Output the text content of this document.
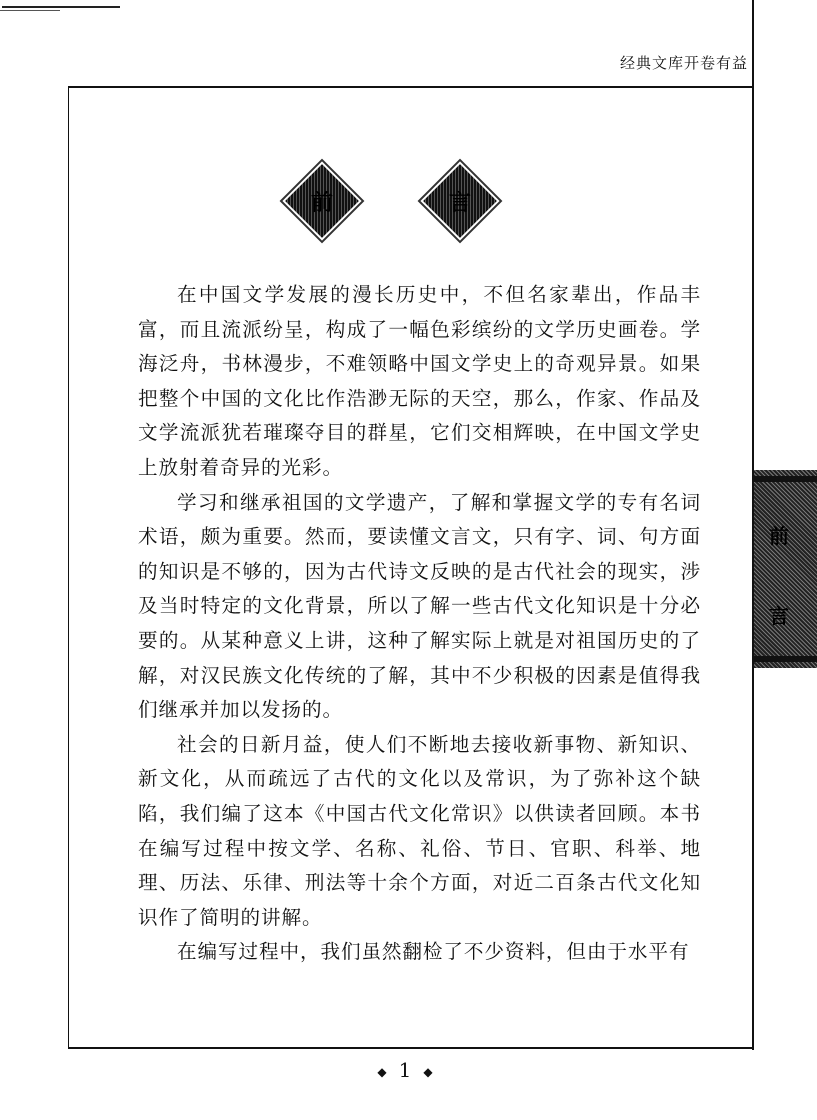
经典文库开卷有益
前	言

在中国文学发展的漫长历史中，不但名家辈出，作品丰富，而且流派纷呈，构成了一幅色彩缤纷的文学历史画卷。学海泛舟，书林漫步，不难领略中国文学史上的奇观异景。如果把整个中国的文化比作浩渺无际的天空，那么，作家、作品及文学流派犹若璀璨夺目的群星，它们交相辉映，在中国文学史上放射着奇异的光彩。

学习和继承祖国的文学遗产，了解和掌握文学的专有名词术语，颇为重要。然而，要读懂文言文，只有字、词、句方面的知识是不够的，因为古代诗文反映的是古代社会的现实，涉及当时特定的文化背景，所以了解一些古代文化知识是十分必要的。从某种意义上讲，这种了解实际上就是对祖国历史的了解，对汉民族文化传统的了解，其中不少积极的因素是值得我们继承并加以发扬的。

社会的日新月益，使人们不断地去接收新事物、新知识、新文化，从而疏远了古代的文化以及常识，为了弥补这个缺陷，我们编了这本《中国古代文化常识》以供读者回顾。本书在编写过程中按文学、名称、礼俗、节日、官职、科举、地理、历法、乐律、刑法等十余个方面，对近二百条古代文化知识作了简明的讲解。

在编写过程中，我们虽然翻检了不少资料，但由于水平有

前
言
◆ 1 ◆
